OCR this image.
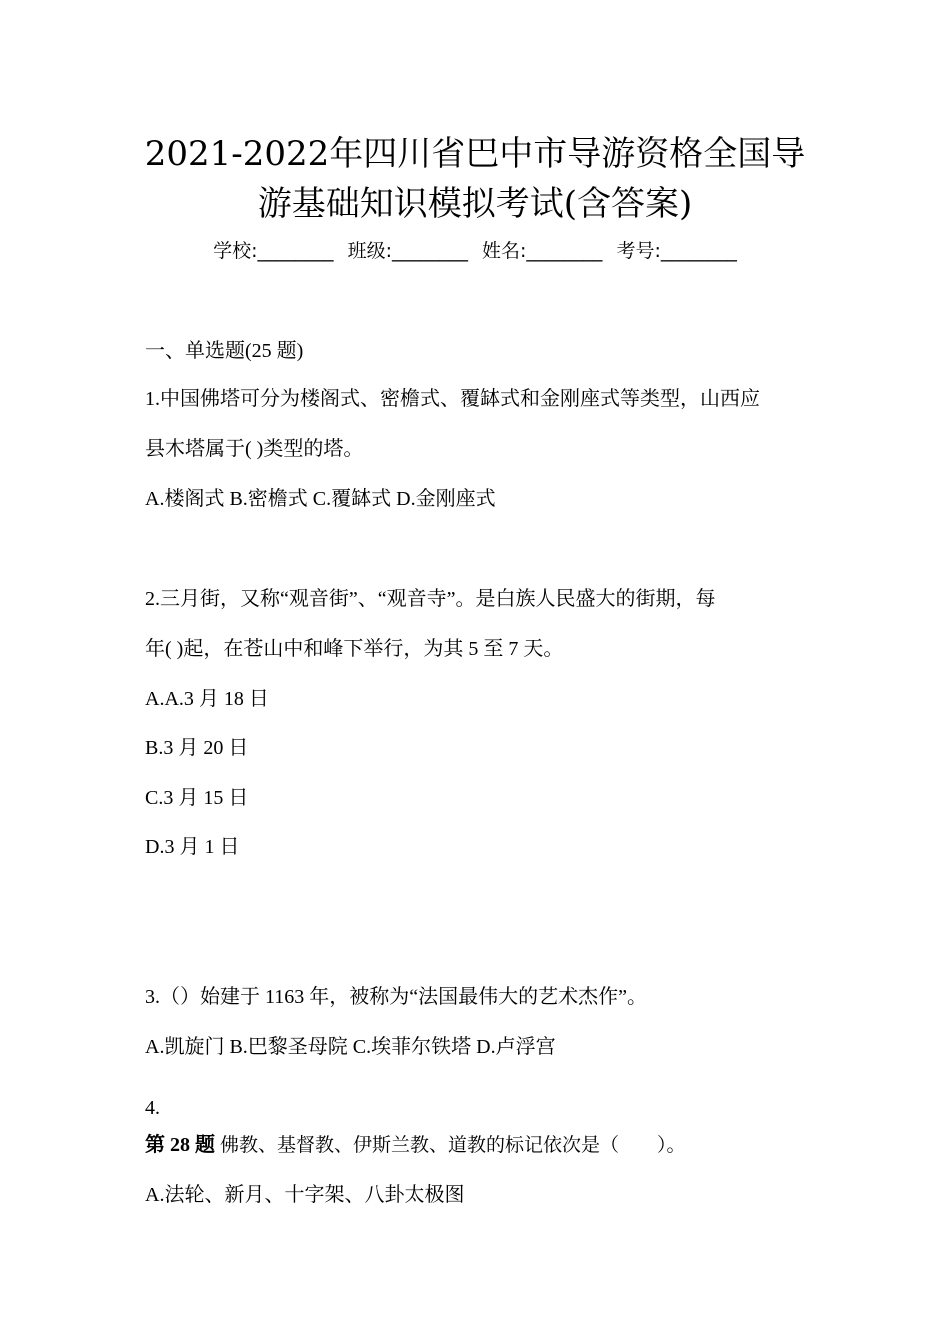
2021-2022年四川省巴中市导游资格全国导
游基础知识模拟考试(含答案)
学校:________ 班级:________ 姓名:________ 考号:________
一、单选题(25 题)
1.中国佛塔可分为楼阁式、密檐式、覆缽式和金刚座式等类型，山西应
县木塔属于( )类型的塔。
A.楼阁式 B.密檐式 C.覆缽式 D.金刚座式
2.三月街，又称“观音街”、“观音寺”。是白族人民盛大的街期，每
年( )起，在苍山中和峰下举行，为其 5 至 7 天。
A.A.3 月 18 日
B.3 月 20 日
C.3 月 15 日
D.3 月 1 日
3.（）始建于 1163 年，被称为“法国最伟大的艺术杰作”。
A.凯旋门 B.巴黎圣母院 C.埃菲尔铁塔 D.卢浮宫
4.
第 28 题 佛教、基督教、伊斯兰教、道教的标记依次是（　　）。
A.法轮、新月、十字架、八卦太极图
